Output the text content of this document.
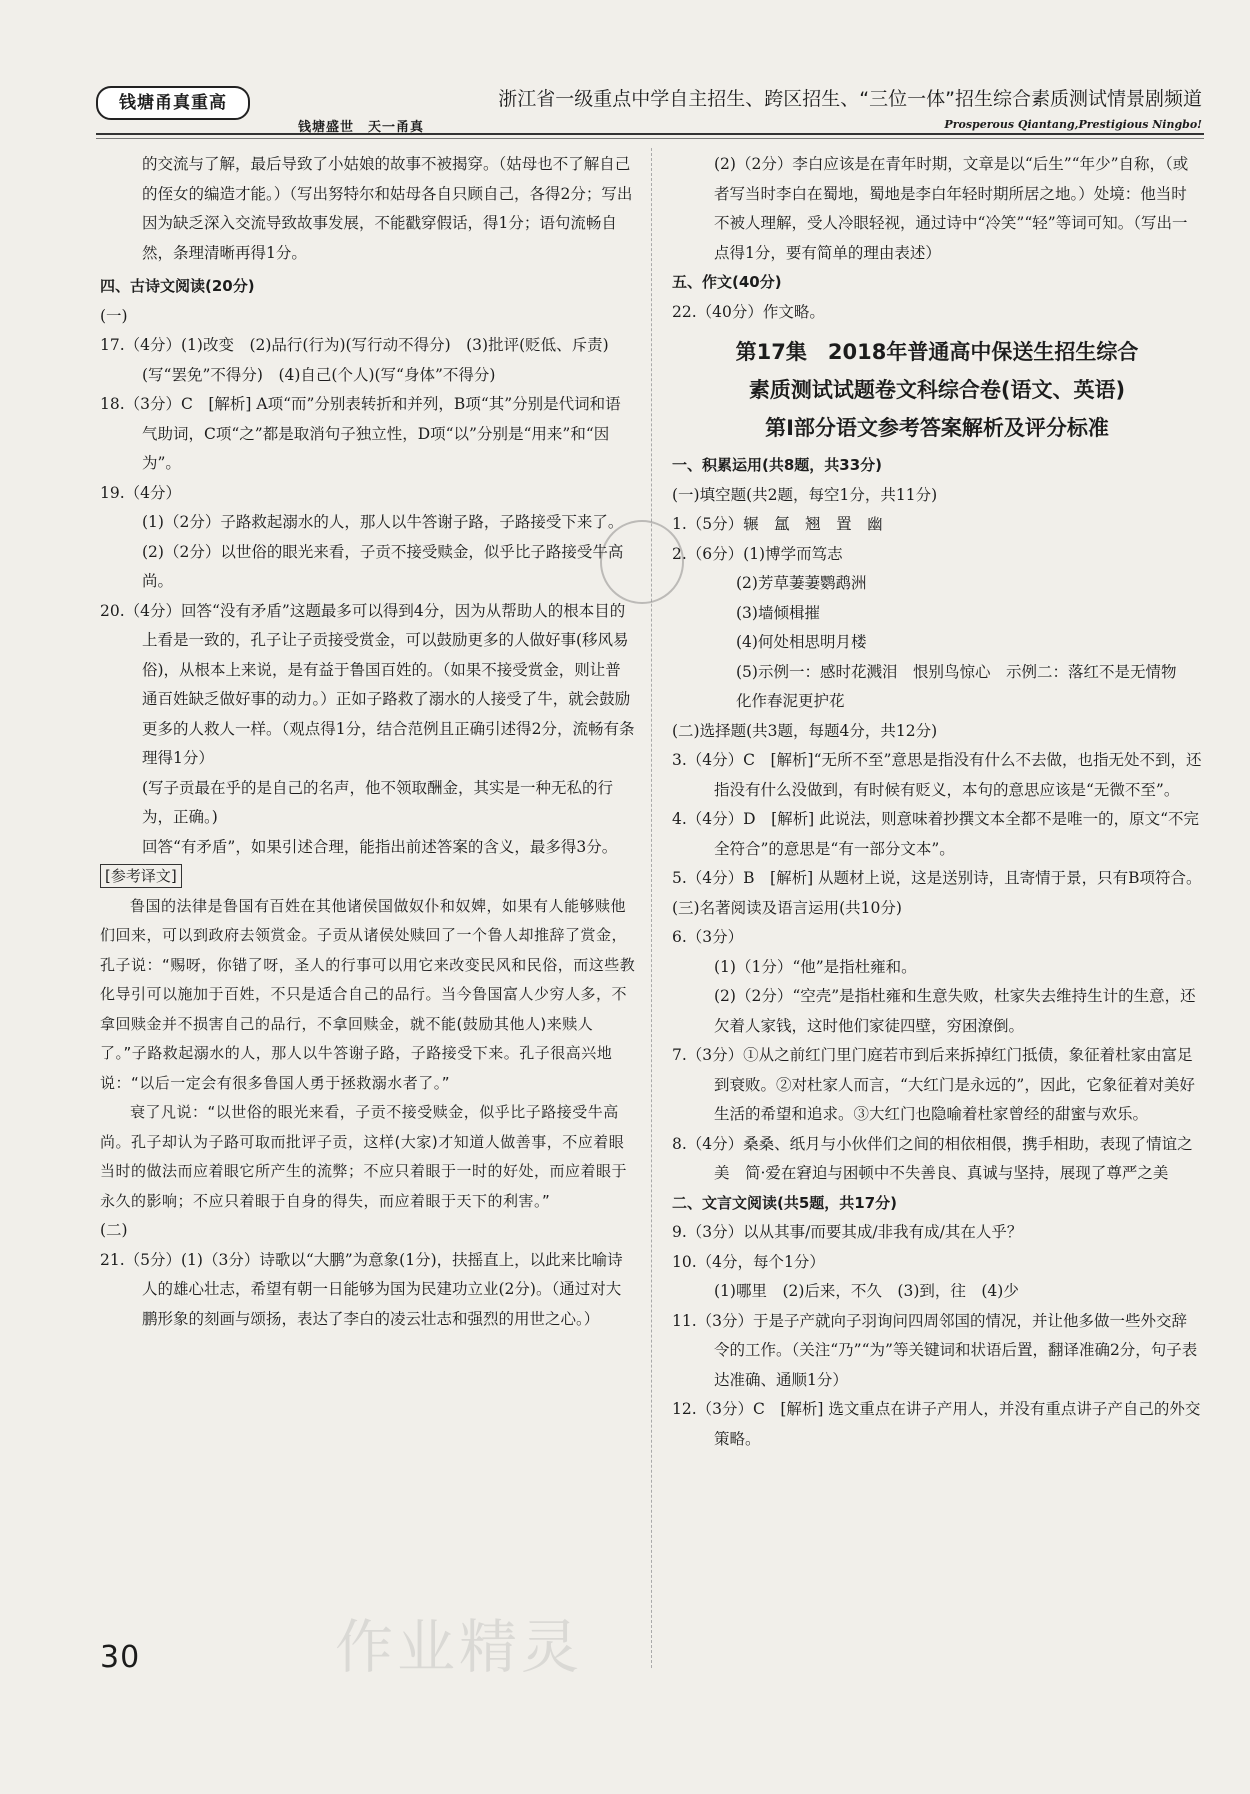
钱塘甬真重高	浙江省一级重点中学自主招生、跨区招生、“三位一体”招生综合素质测试情景剧频道
钱塘盛世　天一甬真	Prosperous Qiantang,Prestigious Ningbo!

的交流与了解，最后导致了小姑娘的故事不被揭穿。（姑母也不了解自己的侄女的编造才能。）（写出努特尔和姑母各自只顾自己，各得2分；写出因为缺乏深入交流导致故事发展，不能戳穿假话，得1分；语句流畅自然，条理清晰再得1分。

四、古诗文阅读(20分)

(一)

17.（4分）(1)改变　(2)品行(行为)(写行动不得分)　(3)批评(贬低、斥责)(写“罢免”不得分)　(4)自己(个人)(写“身体”不得分)

18.（3分）C　[解析] A项“而”分别表转折和并列，B项“其”分别是代词和语气助词，C项“之”都是取消句子独立性，D项“以”分别是“用来”和“因为”。

19.（4分）

(1)（2分）子路救起溺水的人，那人以牛答谢子路，子路接受下来了。

(2)（2分）以世俗的眼光来看，子贡不接受赎金，似乎比子路接受牛高尚。

20.（4分）回答“没有矛盾”这题最多可以得到4分，因为从帮助人的根本目的上看是一致的，孔子让子贡接受赏金，可以鼓励更多的人做好事(移风易俗)，从根本上来说，是有益于鲁国百姓的。（如果不接受赏金，则让普通百姓缺乏做好事的动力。）正如子路救了溺水的人接受了牛，就会鼓励更多的人救人一样。（观点得1分，结合范例且正确引述得2分，流畅有条理得1分）

(写子贡最在乎的是自己的名声，他不领取酬金，其实是一种无私的行为，正确。)

回答“有矛盾”，如果引述合理，能指出前述答案的含义，最多得3分。

[参考译文]

鲁国的法律是鲁国有百姓在其他诸侯国做奴仆和奴婢，如果有人能够赎他们回来，可以到政府去领赏金。子贡从诸侯处赎回了一个鲁人却推辞了赏金，孔子说：“赐呀，你错了呀，圣人的行事可以用它来改变民风和民俗，而这些教化导引可以施加于百姓，不只是适合自己的品行。当今鲁国富人少穷人多，不拿回赎金并不损害自己的品行，不拿回赎金，就不能(鼓励其他人)来赎人了。”子路救起溺水的人，那人以牛答谢子路，子路接受下来。孔子很高兴地说：“以后一定会有很多鲁国人勇于拯救溺水者了。”

衰了凡说：“以世俗的眼光来看，子贡不接受赎金，似乎比子路接受牛高尚。孔子却认为子路可取而批评子贡，这样(大家)才知道人做善事，不应着眼当时的做法而应着眼它所产生的流弊；不应只着眼于一时的好处，而应着眼于永久的影响；不应只着眼于自身的得失，而应着眼于天下的利害。”

(二)

21.（5分）(1)（3分）诗歌以“大鹏”为意象(1分)，扶摇直上，以此来比喻诗人的雄心壮志，希望有朝一日能够为国为民建功立业(2分)。（通过对大鹏形象的刻画与颂扬，表达了李白的凌云壮志和强烈的用世之心。）

(2)（2分）李白应该是在青年时期，文章是以“后生”“年少”自称，（或者写当时李白在蜀地，蜀地是李白年轻时期所居之地。）处境：他当时不被人理解，受人冷眼轻视，通过诗中“冷笑”“轻”等词可知。（写出一点得1分，要有简单的理由表述）

五、作文(40分)

22.（40分）作文略。

第17集　2018年普通高中保送生招生综合
素质测试试题卷文科综合卷(语文、英语)
第Ⅰ部分语文参考答案解析及评分标准

一、积累运用(共8题，共33分)

(一)填空题(共2题，每空1分，共11分)

1.（5分）辗　氲　翘　置　幽

2.（6分）(1)博学而笃志

(2)芳草萋萋鹦鹉洲

(3)墙倾楫摧

(4)何处相思明月楼

(5)示例一：感时花溅泪　恨别鸟惊心　示例二：落红不是无情物　化作春泥更护花

(二)选择题(共3题，每题4分，共12分)

3.（4分）C　[解析]“无所不至”意思是指没有什么不去做，也指无处不到，还指没有什么没做到，有时候有贬义，本句的意思应该是“无微不至”。

4.（4分）D　[解析] 此说法，则意味着抄撰文本全都不是唯一的，原文“不完全符合”的意思是“有一部分文本”。

5.（4分）B　[解析] 从题材上说，这是送别诗，且寄情于景，只有B项符合。

(三)名著阅读及语言运用(共10分)

6.（3分）

(1)（1分）“他”是指杜雍和。

(2)（2分）“空壳”是指杜雍和生意失败，杜家失去维持生计的生意，还欠着人家钱，这时他们家徒四壁，穷困潦倒。

7.（3分）①从之前红门里门庭若市到后来拆掉红门抵债，象征着杜家由富足到衰败。②对杜家人而言，“大红门是永远的”，因此，它象征着对美好生活的希望和追求。③大红门也隐喻着杜家曾经的甜蜜与欢乐。

8.（4分）桑桑、纸月与小伙伴们之间的相依相偎，携手相助，表现了情谊之美　简·爱在窘迫与困顿中不失善良、真诚与坚持，展现了尊严之美

二、文言文阅读(共5题，共17分)

9.（3分）以从其事/而要其成/非我有成/其在人乎？

10.（4分，每个1分）

(1)哪里　(2)后来，不久　(3)到，往　(4)少

11.（3分）于是子产就向子羽询问四周邻国的情况，并让他多做一些外交辞令的工作。（关注“乃”“为”等关键词和状语后置，翻译准确2分，句子表达准确、通顺1分）

12.（3分）C　[解析] 选文重点在讲子产用人，并没有重点讲子产自己的外交策略。

作业精灵
30
